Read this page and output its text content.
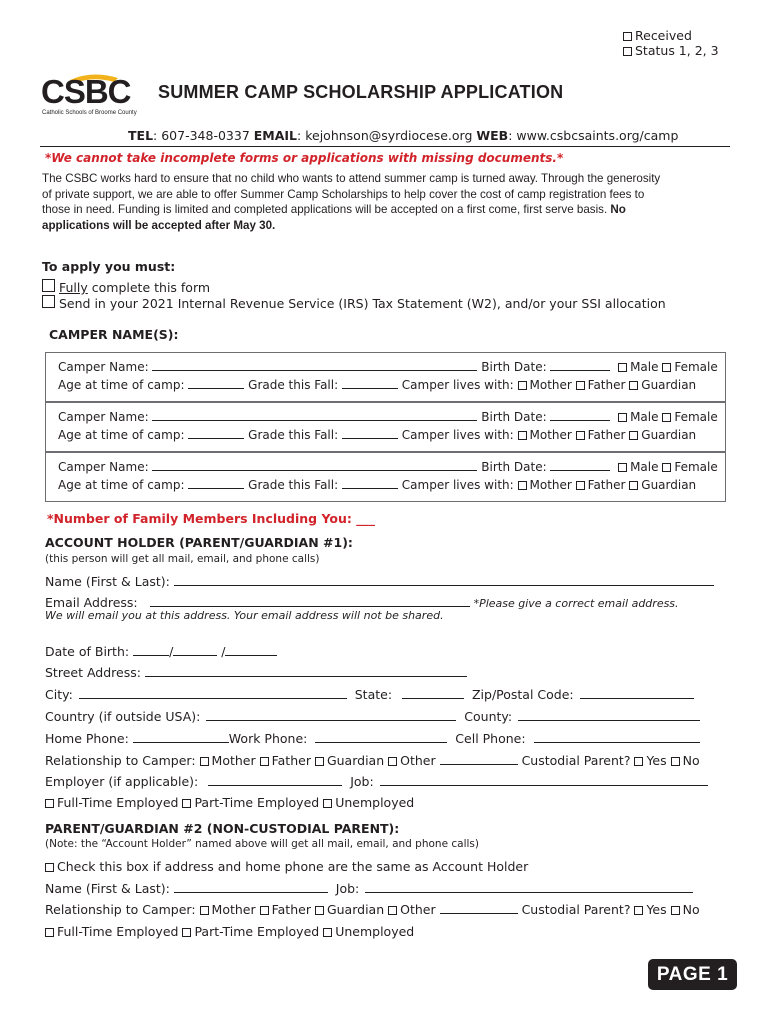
Received
Status 1, 2, 3
CSBC
Catholic Schools of Broome County
SUMMER CAMP SCHOLARSHIP APPLICATION
TEL: 607-348-0337 EMAIL: kejohnson@syrdiocese.org WEB: www.csbcsaints.org/camp
*We cannot take incomplete forms or applications with missing documents.*
The CSBC works hard to ensure that no child who wants to attend summer camp is turned away. Through the generosity
of private support, we are able to offer Summer Camp Scholarships to help cover the cost of camp registration fees to
those in need. Funding is limited and completed applications will be accepted on a first come, first serve basis. No
applications will be accepted after May 30.
To apply you must:
Fully complete this form
Send in your 2021 Internal Revenue Service (IRS) Tax Statement (W2), and/or your SSI allocation
CAMPER NAME(S):
Camper Name:	Birth Date:	Male Female
Age at time of camp:	Grade this Fall:	Camper lives with: Mother Father Guardian
Camper Name:	Birth Date:	Male Female
Age at time of camp:	Grade this Fall:	Camper lives with: Mother Father Guardian
Camper Name:	Birth Date:	Male Female
Age at time of camp:	Grade this Fall:	Camper lives with: Mother Father Guardian
*Number of Family Members Including You: ___
ACCOUNT HOLDER (PARENT/GUARDIAN #1):
(this person will get all mail, email, and phone calls)
Name (First & Last):
Email Address:	*Please give a correct email address.
We will email you at this address. Your email address will not be shared.
Date of Birth:	/	/
Street Address:
City:	State:	Zip/Postal Code:
Country (if outside USA):	County:
Home Phone:	Work Phone:	Cell Phone:
Relationship to Camper: Mother Father Guardian Other	Custodial Parent? Yes No
Employer (if applicable):	Job:
Full-Time Employed Part-Time Employed Unemployed
PARENT/GUARDIAN #2 (NON-CUSTODIAL PARENT):
(Note: the “Account Holder” named above will get all mail, email, and phone calls)
Check this box if address and home phone are the same as Account Holder
Name (First & Last):	Job:
Relationship to Camper: Mother Father Guardian Other	Custodial Parent? Yes No
Full-Time Employed Part-Time Employed Unemployed
PAGE 1
